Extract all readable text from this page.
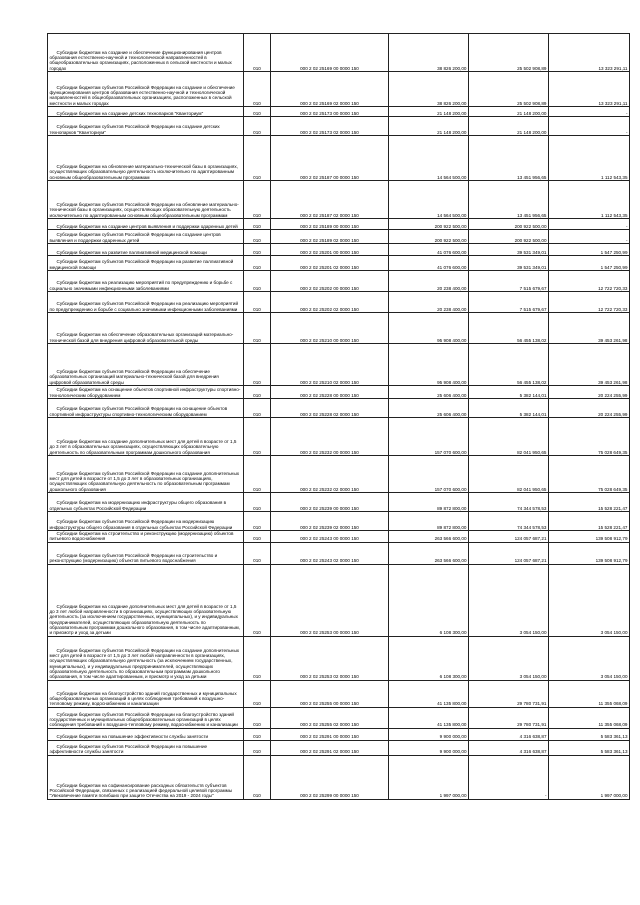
Субсидии бюджетам на создание и обеспечение функционирования центров образования естественно-научной и технологической направленностей в общеобразовательных организациях, расположенных в сельской местности и малых городах	010	000 2 02 25169 00 0000 150	38 826 200,00	25 502 908,89	13 323 291,11
Субсидии бюджетам субъектов Российской Федерации на создание и обеспечение функционирования центров образования естественно-научной и технологической направленностей в общеобразовательных организациях, расположенных в сельской местности и малых городах	010	000 2 02 25169 02 0000 150	38 826 200,00	25 502 908,89	13 323 291,11
Субсидии бюджетам на создание детских технопарков "Кванториум"	010	000 2 02 25173 00 0000 150	21 148 200,00	21 148 200,00	-
Субсидии бюджетам субъектов Российской Федерации на создание детских технопарков "Кванториум"	010	000 2 02 25173 02 0000 150	21 148 200,00	21 148 200,00	-
Субсидии бюджетам на обновление материально-технической базы в организациях, осуществляющих образовательную деятельность исключительно по адаптированным основным общеобразовательным программам	010	000 2 02 25187 00 0000 150	14 564 500,00	13 451 956,65	1 112 543,35
Субсидии бюджетам субъектов Российской Федерации на обновление материально-технической базы в организациях, осуществляющих образовательную деятельность исключительно по адаптированным основным общеобразовательным программам	010	000 2 02 25187 02 0000 150	14 564 500,00	13 451 956,65	1 112 543,35
Субсидии бюджетам на создание центров выявления и поддержки одаренных детей	010	000 2 02 25189 00 0000 150	200 922 500,00	200 922 500,00	-
Субсидии бюджетам субъектов Российской Федерации на создание центров выявления и поддержки одаренных детей	010	000 2 02 25189 02 0000 150	200 922 500,00	200 922 500,00	-
Субсидии бюджетам на развитие паллиативной медицинской помощи	010	000 2 02 25201 00 0000 150	41 076 600,00	39 531 349,01	1 547 250,99
Субсидии бюджетам субъектов Российской Федерации на развитие паллиативной медицинской помощи	010	000 2 02 25201 02 0000 150	41 076 600,00	39 531 349,01	1 547 250,99
Субсидии бюджетам на реализацию мероприятий по предупреждению и борьбе с социально значимыми инфекционными заболеваниями	010	000 2 02 25202 00 0000 150	20 238 400,00	7 515 679,67	12 722 720,33
Субсидии бюджетам субъектов Российской Федерации на реализацию мероприятий по предупреждению и борьбе с социально значимыми инфекционными заболеваниями	010	000 2 02 25202 02 0000 150	20 238 400,00	7 515 679,67	12 722 720,33
Субсидии бюджетам на обеспечение образовательных организаций материально-технической базой для внедрения цифровой образовательной среды	010	000 2 02 25210 00 0000 150	95 908 400,00	56 455 138,02	39 453 261,98
Субсидии бюджетам субъектов Российской Федерации на обеспечение образовательных организаций материально-технической базой для внедрения цифровой образовательной среды	010	000 2 02 25210 02 0000 150	95 908 400,00	56 455 138,02	39 453 261,98
Субсидии бюджетам на оснащение объектов спортивной инфраструктуры спортивно-технологическим оборудованием	010	000 2 02 25228 00 0000 150	25 606 400,00	5 382 144,01	20 224 255,99
Субсидии бюджетам субъектов Российской Федерации на оснащение объектов спортивной инфраструктуры спортивно-технологическим оборудованием	010	000 2 02 25228 02 0000 150	25 606 400,00	5 382 144,01	20 224 255,99
Субсидии бюджетам на создание дополнительных мест для детей в возрасте от 1,5 до 3 лет в образовательных организациях, осуществляющих образовательную деятельность по образовательным программам дошкольного образования	010	000 2 02 25232 00 0000 150	157 070 600,00	82 041 950,65	75 028 649,35
Субсидии бюджетам субъектов Российской Федерации на создание дополнительных мест для детей в возрасте от 1,5 до 3 лет в образовательных организациях, осуществляющих образовательную деятельность по образовательным программам дошкольного образования	010	000 2 02 25232 02 0000 150	157 070 600,00	82 041 950,65	75 028 649,35
Субсидии бюджетам на модернизацию инфраструктуры общего образования в отдельных субъектах Российской Федерации	010	000 2 02 25239 00 0000 150	89 872 800,00	74 344 578,53	15 528 221,47
Субсидии бюджетам субъектов Российской Федерации на модернизацию инфраструктуры общего образования в отдельных субъектах Российской Федерации	010	000 2 02 25239 02 0000 150	89 872 800,00	74 344 578,53	15 528 221,47
Субсидии бюджетам на строительство и реконструкцию (модернизацию) объектов питьевого водоснабжения	010	000 2 02 25243 00 0000 150	263 566 600,00	124 057 687,21	139 508 912,79
Субсидии бюджетам субъектов Российской Федерации на строительство и реконструкцию (модернизацию) объектов питьевого водоснабжения	010	000 2 02 25243 02 0000 150	263 566 600,00	124 057 687,21	139 508 912,79
Субсидии бюджетам на создание дополнительных мест для детей в возрасте от 1,5 до 3 лет любой направленности в организациях, осуществляющих образовательную деятельность (за исключением государственных, муниципальных), и у индивидуальных предпринимателей, осуществляющих образовательную деятельность по образовательным программам дошкольного образования, в том числе адаптированным, и присмотр и уход за детьми	010	000 2 02 25253 00 0000 150	6 108 300,00	3 054 150,00	3 054 150,00
Субсидии бюджетам субъектов Российской Федерации на создание дополнительных мест для детей в возрасте от 1,5 до 3 лет любой направленности в организациях, осуществляющих образовательную деятельность (за исключением государственных, муниципальных), и у индивидуальных предпринимателей, осуществляющих образовательную деятельность по образовательным программам дошкольного образования, в том числе адаптированным, и присмотр и уход за детьми	010	000 2 02 25253 02 0000 150	6 108 300,00	3 054 150,00	3 054 150,00
Субсидии бюджетам на благоустройство зданий государственных и муниципальных общеобразовательных организаций в целях соблюдения требований к воздушно-тепловому режиму, водоснабжению и канализации	010	000 2 02 25255 00 0000 150	41 135 800,00	29 780 731,91	11 355 068,09
Субсидии бюджетам субъектов Российской Федерации на благоустройство зданий государственных и муниципальных общеобразовательных организаций в целях соблюдения требований к воздушно-тепловому режиму, водоснабжению и канализации	010	000 2 02 25255 02 0000 150	41 135 800,00	29 780 731,91	11 355 068,09
Субсидии бюджетам на повышение эффективности службы занятости	010	000 2 02 25291 00 0000 150	9 900 000,00	4 316 638,87	5 583 361,13
Субсидии бюджетам субъектов Российской Федерации на повышение эффективности службы занятости	010	000 2 02 25291 02 0000 150	9 900 000,00	4 316 638,87	5 583 361,13
Субсидии бюджетам на софинансирование расходных обязательств субъектов Российской Федерации, связанных с реализацией федеральной целевой программы "Увековечение памяти погибших при защите Отечества на 2019 - 2024 годы"	010	000 2 02 25299 00 0000 150	1 997 000,00	-	1 997 000,00
